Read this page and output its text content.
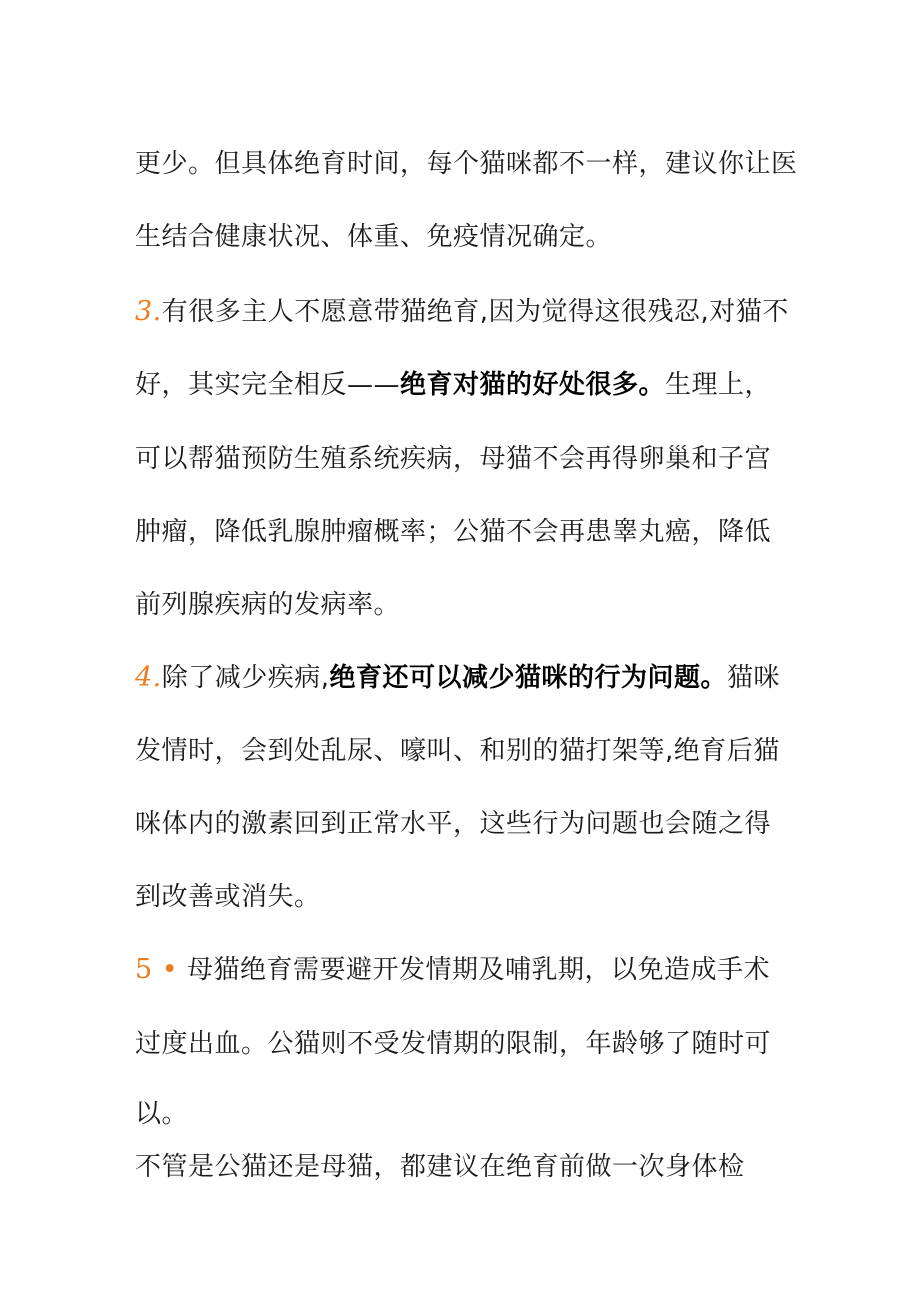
更少。但具体绝育时间，每个猫咪都不一样，建议你让医
生结合健康状况、体重、免疫情况确定。
3.有很多主人不愿意带猫绝育,因为觉得这很残忍,对猫不
好，其实完全相反——绝育对猫的好处很多。生理上，
可以帮猫预防生殖系统疾病，母猫不会再得卵巢和子宫
肿瘤，降低乳腺肿瘤概率；公猫不会再患睾丸癌，降低
前列腺疾病的发病率。
4.除了减少疾病,绝育还可以减少猫咪的行为问题。猫咪
发情时，会到处乱尿、嚎叫、和别的猫打架等,绝育后猫
咪体内的激素回到正常水平，这些行为问题也会随之得
到改善或消失。
5 • 母猫绝育需要避开发情期及哺乳期，以免造成手术
过度出血。公猫则不受发情期的限制，年龄够了随时可
以。
不管是公猫还是母猫，都建议在绝育前做一次身体检
